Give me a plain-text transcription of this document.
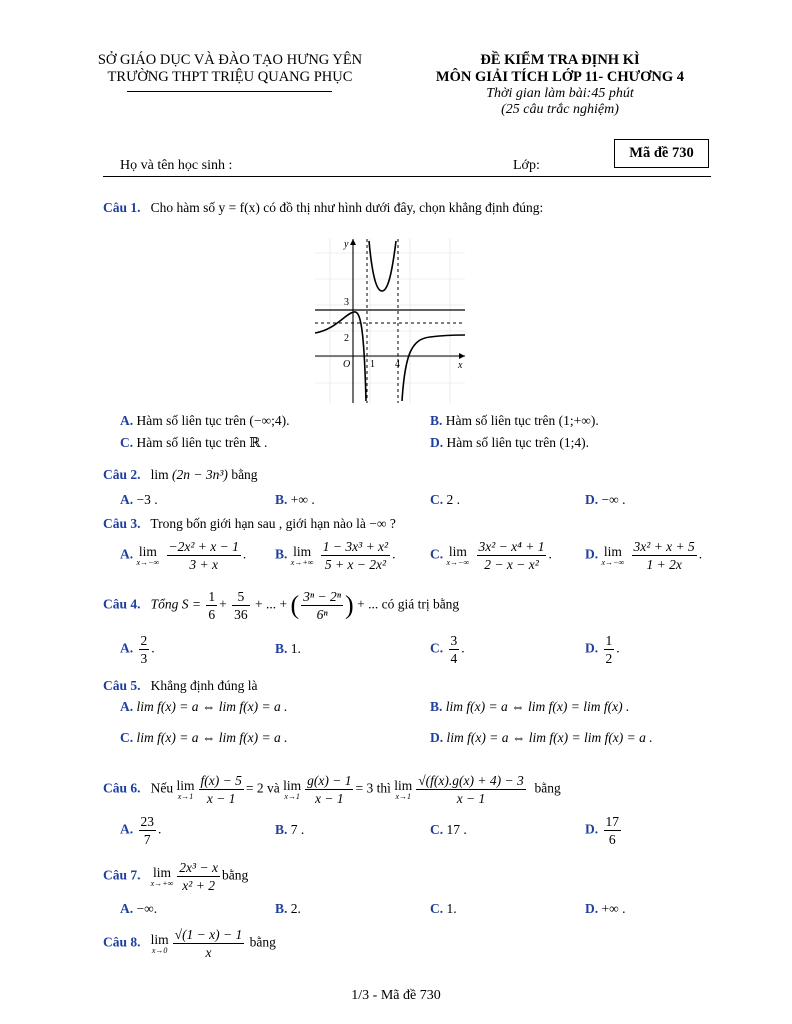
SỞ GIÁO DỤC VÀ ĐÀO TẠO HƯNG YÊN
TRƯỜNG THPT TRIỆU QUANG PHỤC
ĐỀ KIỂM TRA ĐỊNH KÌ
MÔN GIẢI TÍCH LỚP 11- CHƯƠNG 4
Thời gian làm bài:45 phút
(25 câu trắc nghiệm)
Họ và tên học sinh :	Lớp:
Mã đề 730
Câu 1. Cho hàm số y = f(x) có đồ thị như hình dưới đây, chọn khẳng định đúng:
y
x
O 1 4
3
2
A. Hàm số liên tục trên (−∞;4).	B. Hàm số liên tục trên (1;+∞).
C. Hàm số liên tục trên ℝ .	D. Hàm số liên tục trên (1;4).
Câu 2. lim (2n − 3n³) bằng
A. −3 .	B. +∞ .	C. 2 .	D. −∞ .
Câu 3. Trong bốn giới hạn sau , giới hạn nào là −∞ ?
A. lim
x→−∞
$\frac{\text{−2x² + x − 1}}{3 + x}$ . B. lim
x→+∞
$\frac{\text{1 − 3x³ + x²}}{\text{5 + x − 2x²}}$ .	C. lim
x→−∞
$\frac{\text{3x² − x⁴ + 1}}{\text{2 − x − x²}}$ . D. lim
x→−∞
$\frac{\text{3x² + x + 5}}{1 + 2x}$ .
Câu 4. Tổng $S = \frac{1}{6} + \frac{5}{36}$ + ... + ( $\frac{\text{3ⁿ − 2ⁿ}}{\text{6ⁿ}}$ ) + ... có giá trị bằng
A. $\frac{2}{3}$ .	B. 1.	C. $\frac{3}{4}$ .	D. $\frac{1}{2}$ .
Câu 5. Khẳng định đúng là
A. lim f(x) = a ⇔ lim f(x) = a .	B. lim f(x) = a ⇔ lim f(x) = lim f(x) .
C. lim f(x) = a ⇔ lim f(x) = a .	D. lim f(x) = a ⇔ lim f(x) = lim f(x) = a .
Câu 6. Nếu lim
$x\to 1 \frac{f(x) - 5}{x - 1} = 2$ và lim
$x\to 1 \frac{g(x) - 1}{x - 1} = 3$ thì lim
$x\to 1 \frac{√(f(x).g(x) + 4) - 3}{x - 1}$ bằng
A. $\frac{23}{7}$ .	B. 7 .	C. 17 .	D. $\frac{17}{6}$
Câu 7. lim
$x\to+\infty \frac{\text{2x³ − x}}{\text{x² + 2}}$ bằng
A. −∞.	B. 2.	C. 1.	D. +∞ .
Câu 8. lim
$x\to 0 \frac{√(1 - x) - 1}{x}$ bằng
1/3 - Mã đề 730
